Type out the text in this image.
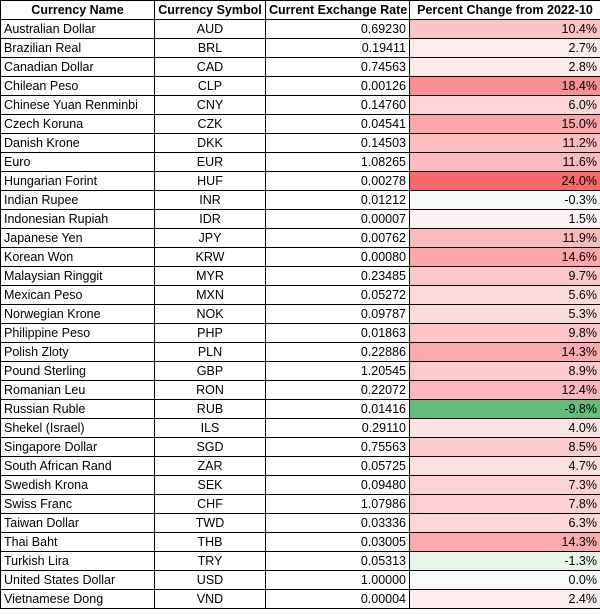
Currency Name	Currency Symbol	Current Exchange Rate	Percent Change from 2022-10
Australian Dollar	AUD	0.69230	10.4%
Brazilian Real	BRL	0.19411	2.7%
Canadian Dollar	CAD	0.74563	2.8%
Chilean Peso	CLP	0.00126	18.4%
Chinese Yuan Renminbi	CNY	0.14760	6.0%
Czech Koruna	CZK	0.04541	15.0%
Danish Krone	DKK	0.14503	11.2%
Euro	EUR	1.08265	11.6%
Hungarian Forint	HUF	0.00278	24.0%
Indian Rupee	INR	0.01212	-0.3%
Indonesian Rupiah	IDR	0.00007	1.5%
Japanese Yen	JPY	0.00762	11.9%
Korean Won	KRW	0.00080	14.6%
Malaysian Ringgit	MYR	0.23485	9.7%
Mexican Peso	MXN	0.05272	5.6%
Norwegian Krone	NOK	0.09787	5.3%
Philippine Peso	PHP	0.01863	9.8%
Polish Zloty	PLN	0.22886	14.3%
Pound Sterling	GBP	1.20545	8.9%
Romanian Leu	RON	0.22072	12.4%
Russian Ruble	RUB	0.01416	-9.8%
Shekel (Israel)	ILS	0.29110	4.0%
Singapore Dollar	SGD	0.75563	8.5%
South African Rand	ZAR	0.05725	4.7%
Swedish Krona	SEK	0.09480	7.3%
Swiss Franc	CHF	1.07986	7.8%
Taiwan Dollar	TWD	0.03336	6.3%
Thai Baht	THB	0.03005	14.3%
Turkish Lira	TRY	0.05313	-1.3%
United States Dollar	USD	1.00000	0.0%
Vietnamese Dong	VND	0.00004	2.4%
